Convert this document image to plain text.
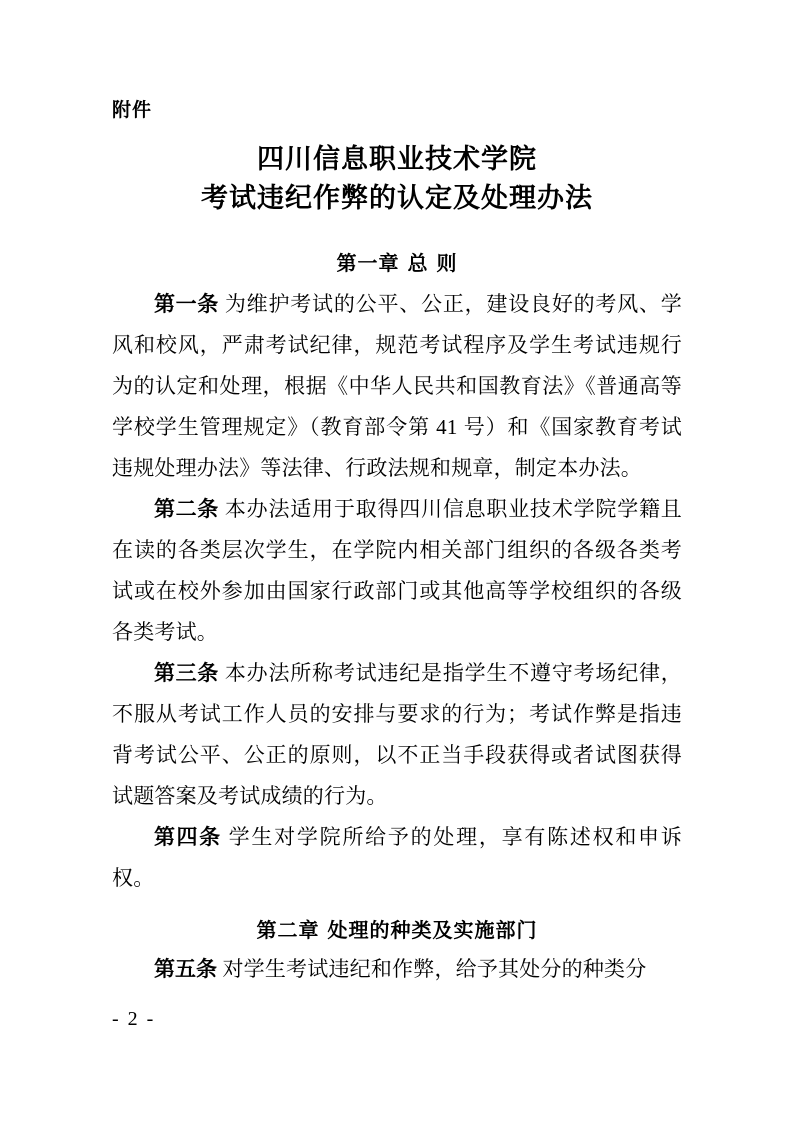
附件
四川信息职业技术学院
考试违纪作弊的认定及处理办法
第一章 总 则

第一条 为维护考试的公平、公正，建设良好的考风、学风和校风，严肃考试纪律，规范考试程序及学生考试违规行为的认定和处理，根据《中华人民共和国教育法》《普通高等学校学生管理规定》（教育部令第 41 号）和《国家教育考试违规处理办法》等法律、行政法规和规章，制定本办法。

第二条 本办法适用于取得四川信息职业技术学院学籍且在读的各类层次学生，在学院内相关部门组织的各级各类考试或在校外参加由国家行政部门或其他高等学校组织的各级各类考试。

第三条 本办法所称考试违纪是指学生不遵守考场纪律，不服从考试工作人员的安排与要求的行为；考试作弊是指违背考试公平、公正的原则，以不正当手段获得或者试图获得试题答案及考试成绩的行为。

第四条 学生对学院所给予的处理，享有陈述权和申诉权。

第二章 处理的种类及实施部门

第五条 对学生考试违纪和作弊，给予其处分的种类分

- 2 -
